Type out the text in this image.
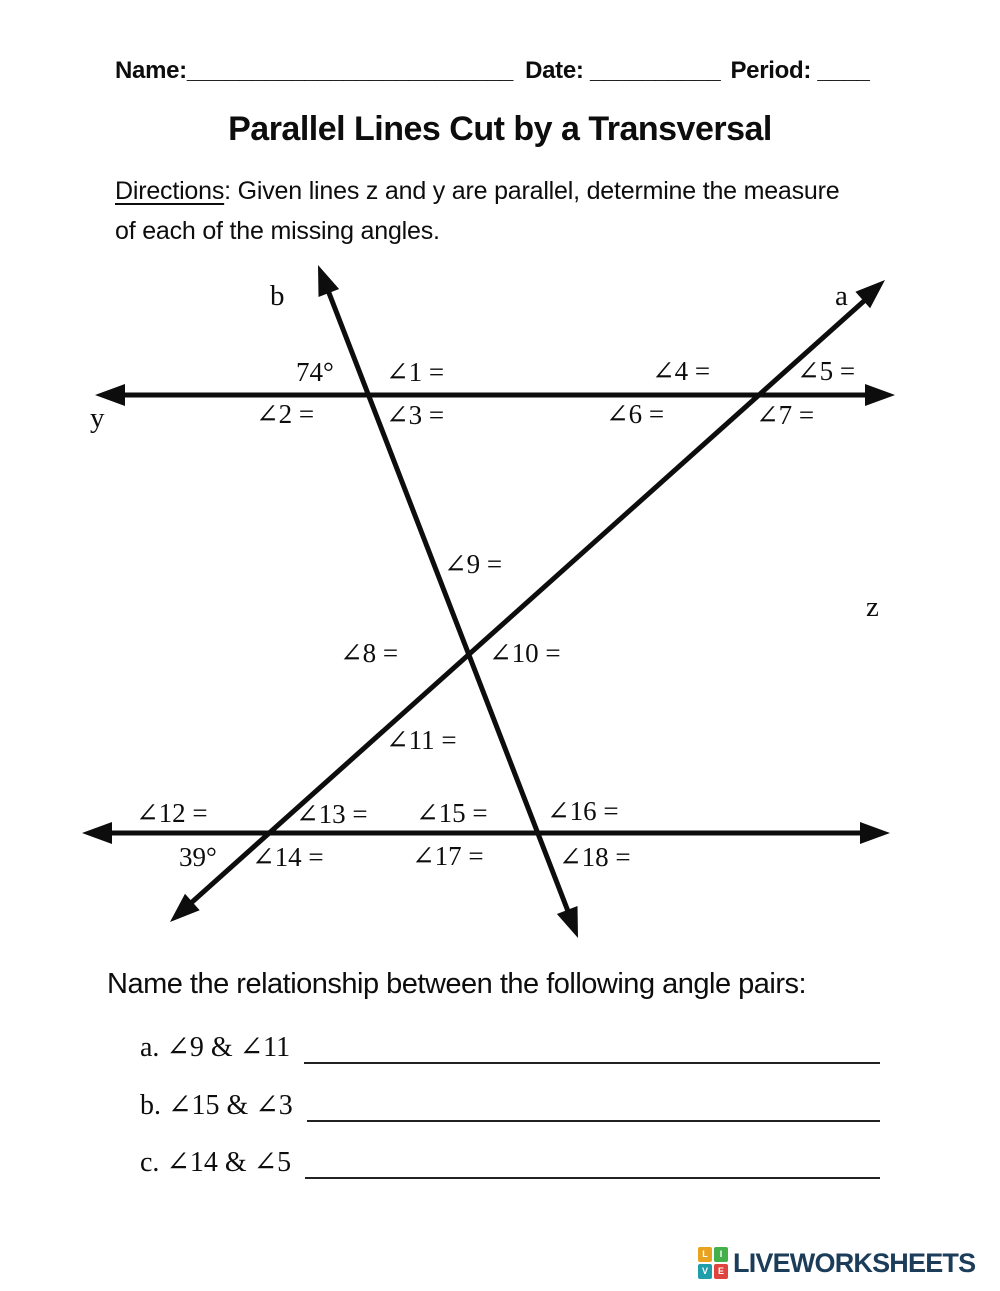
Name:_________________________ Date: __________ Period: ____
Parallel Lines Cut by a Transversal
Directions: Given lines z and y are parallel, determine the measure
of each of the missing angles.
b	a
y
z
74° ∠1 =
∠2 =	∠3 =
∠4 =	∠5 =
∠6 =	∠7 =
∠9 =
∠8 =	∠10 =
∠11 =
∠12 =	∠13 =
39° ∠14 =
∠15 = ∠16 =
∠17 =	∠18 =
Name the relationship between the following angle pairs:
a. ∠9 & ∠11
b. ∠15 & ∠3
c. ∠14 & ∠5
L	I
V	E LIVEWORKSHEETS
